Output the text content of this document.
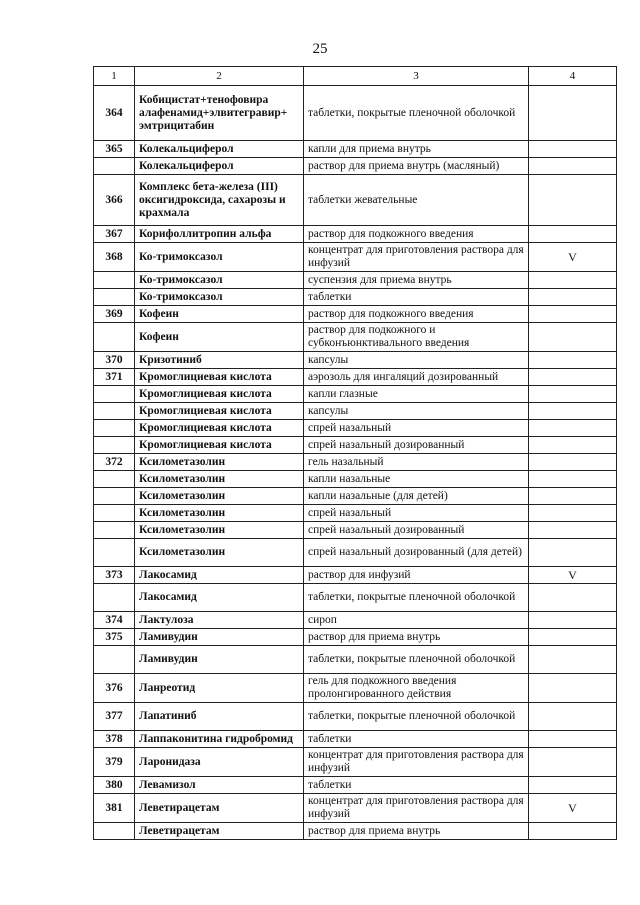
25
1	2	3	4
364	Кобицистат+тенофовира алафенамид+элвитегравир+ эмтрицитабин	таблетки, покрытые пленочной оболочкой	
365	Колекальциферол	капли для приема внутрь	
	Колекальциферол	раствор для приема внутрь (масляный)	
366	Комплекс бета-железа (III) оксигидроксида, сахарозы и крахмала	таблетки жевательные	
367	Корифоллитропин альфа	раствор для подкожного введения	
368	Ко-тримоксазол	концентрат для приготовления раствора для инфузий	V
	Ко-тримоксазол	суспензия для приема внутрь	
	Ко-тримоксазол	таблетки	
369	Кофеин	раствор для подкожного введения	
	Кофеин	раствор для подкожного и субконъюнктивального введения	
370	Кризотиниб	капсулы	
371	Кромоглициевая кислота	аэрозоль для ингаляций дозированный	
	Кромоглициевая кислота	капли глазные	
	Кромоглициевая кислота	капсулы	
	Кромоглициевая кислота	спрей назальный	
	Кромоглициевая кислота	спрей назальный дозированный	
372	Ксилометазолин	гель назальный	
	Ксилометазолин	капли назальные	
	Ксилометазолин	капли назальные (для детей)	
	Ксилометазолин	спрей назальный	
	Ксилометазолин	спрей назальный дозированный	
	Ксилометазолин	спрей назальный дозированный (для детей)	
373	Лакосамид	раствор для инфузий	V
	Лакосамид	таблетки, покрытые пленочной оболочкой	
374	Лактулоза	сироп	
375	Ламивудин	раствор для приема внутрь	
	Ламивудин	таблетки, покрытые пленочной оболочкой	
376	Ланреотид	гель для подкожного введения пролонгированного действия	
377	Лапатиниб	таблетки, покрытые пленочной оболочкой	
378	Лаппаконитина гидробромид	таблетки	
379	Ларонидаза	концентрат для приготовления раствора для инфузий	
380	Левамизол	таблетки	
381	Леветирацетам	концентрат для приготовления раствора для инфузий	V
	Леветирацетам	раствор для приема внутрь	
